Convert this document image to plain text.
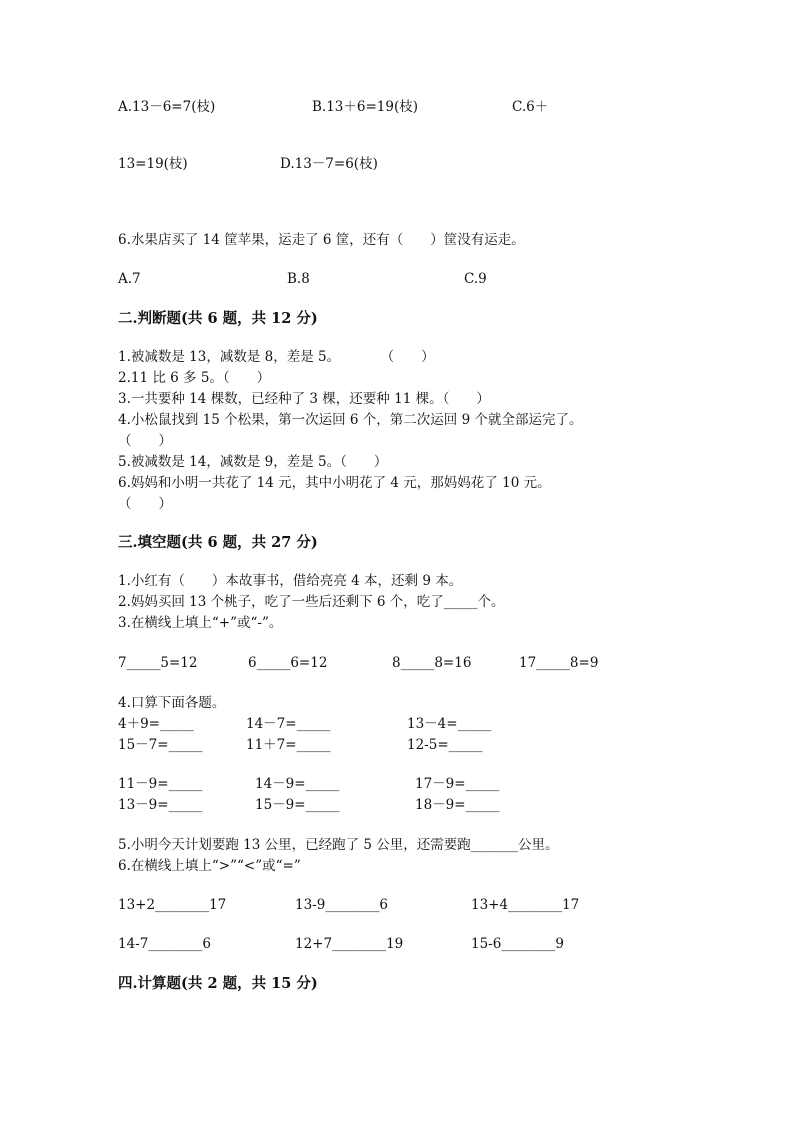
A.13－6=7(枝)	B.13＋6=19(枝)	C.6＋
13=19(枝)	D.13－7=6(枝)
6.水果店买了 14 筐苹果，运走了 6 筐，还有（　　）筐没有运走。
A.7	B.8	C.9
二.判断题(共 6 题，共 12 分)
1.被减数是 13，减数是 8，差是 5。　　　　（　　）
2.11 比 6 多 5。（　　）
3.一共要种 14 棵数，已经种了 3 棵，还要种 11 棵。（　　）
4.小松鼠找到 15 个松果，第一次运回 6 个，第二次运回 9 个就全部运完了。
（　　）
5.被减数是 14，减数是 9，差是 5。（　　）
6.妈妈和小明一共花了 14 元，其中小明花了 4 元，那妈妈花了 10 元。
（　　）
三.填空题(共 6 题，共 27 分)
1.小红有（　　）本故事书，借给亮亮 4 本，还剩 9 本。
2.妈妈买回 13 个桃子，吃了一些后还剩下 6 个，吃了_____个。
3.在横线上填上“+”或“-”。
7_____5=12	6_____6=12	8_____8=16	17_____8=9
4.口算下面各题。
4＋9=_____	14－7=_____	13－4=_____
15－7=_____	11＋7=_____	12-5=_____
11－9=_____	14－9=_____	17－9=_____
13－9=_____	15－9=_____	18－9=_____
5.小明今天计划要跑 13 公里，已经跑了 5 公里，还需要跑_______公里。
6.在横线上填上“>”“<”或“=”
13+2________17	13-9________6	13+4________17
14-7________6	12+7________19	15-6________9
四.计算题(共 2 题，共 15 分)
